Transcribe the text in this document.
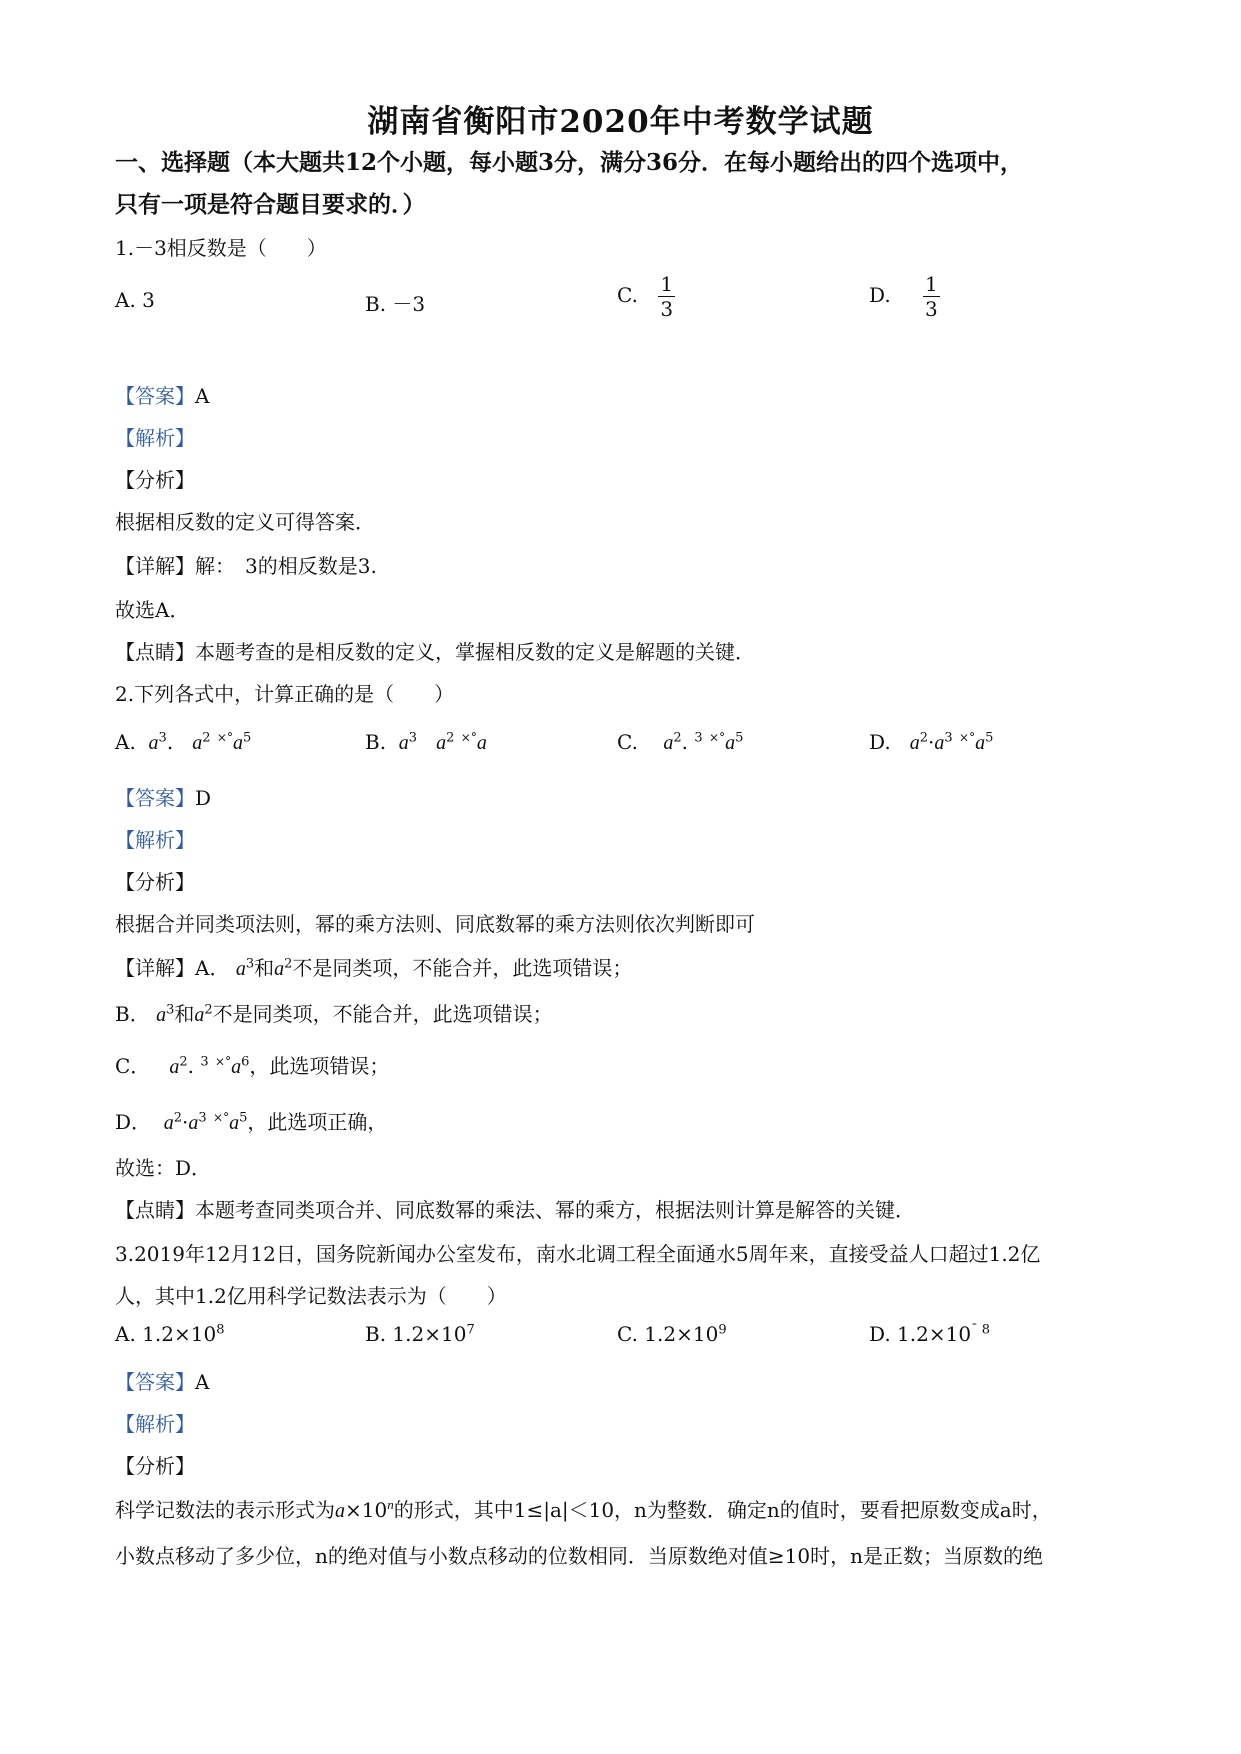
湖南省衡阳市2020年中考数学试题
一、选择题（本大题共12个小题，每小题3分，满分36分．在每小题给出的四个选项中，
只有一项是符合题目要求的．）
1.－3相反数是（　　）
A. 3	B. －3	C. $\frac{1}{3}$	D. $\frac{1}{3}$
【答案】A
【解析】
【分析】
根据相反数的定义可得答案．
【详解】解：　3的相反数是3.
故选A．
【点睛】本题考查的是相反数的定义，掌握相反数的定义是解题的关键．
2.下列各式中，计算正确的是（　　）
A. $a^3$.   $a^2$ $^{\times^\circ}a^5$	B. $a^3$ $a^2$ ×°a	C. $a^2$. $^3$ $^{\times^\circ}a^5$	D. $a^2\cdot a^3$ $^{\times^\circ}a^5$
【答案】D
【解析】
【分析】
根据合并同类项法则，幂的乘方法则、同底数幂的乘方法则依次判断即可
【详解】A． $a^3$和$a^2$不是同类项，不能合并，此选项错误；
B． $a^3$和$a^2$不是同类项，不能合并，此选项错误；
C． $a^2$. $^3$ $^{\times^\circ}a^6$，此选项错误；
D． $a^2\cdot a^3$ $^{\times^\circ}a^5$，此选项正确，
故选：D．
【点睛】本题考查同类项合并、同底数幂的乘法、幂的乘方，根据法则计算是解答的关键．
3.2019年12月12日，国务院新闻办公室发布，南水北调工程全面通水5周年来，直接受益人口超过1.2亿
人，其中1.2亿用科学记数法表示为（　　）
A. $1.2\times 10^8$	B. $1.2\times 10^7$	C. $1.2\times 10^9$	D. $1.2\times 10^{ˉ 8}$
【答案】A
【解析】
【分析】
科学记数法的表示形式为$a\times 10^n$的形式，其中1≤|a|＜10，n为整数．确定n的值时，要看把原数变成a时，
小数点移动了多少位，n的绝对值与小数点移动的位数相同．当原数绝对值≥10时，n是正数；当原数的绝
